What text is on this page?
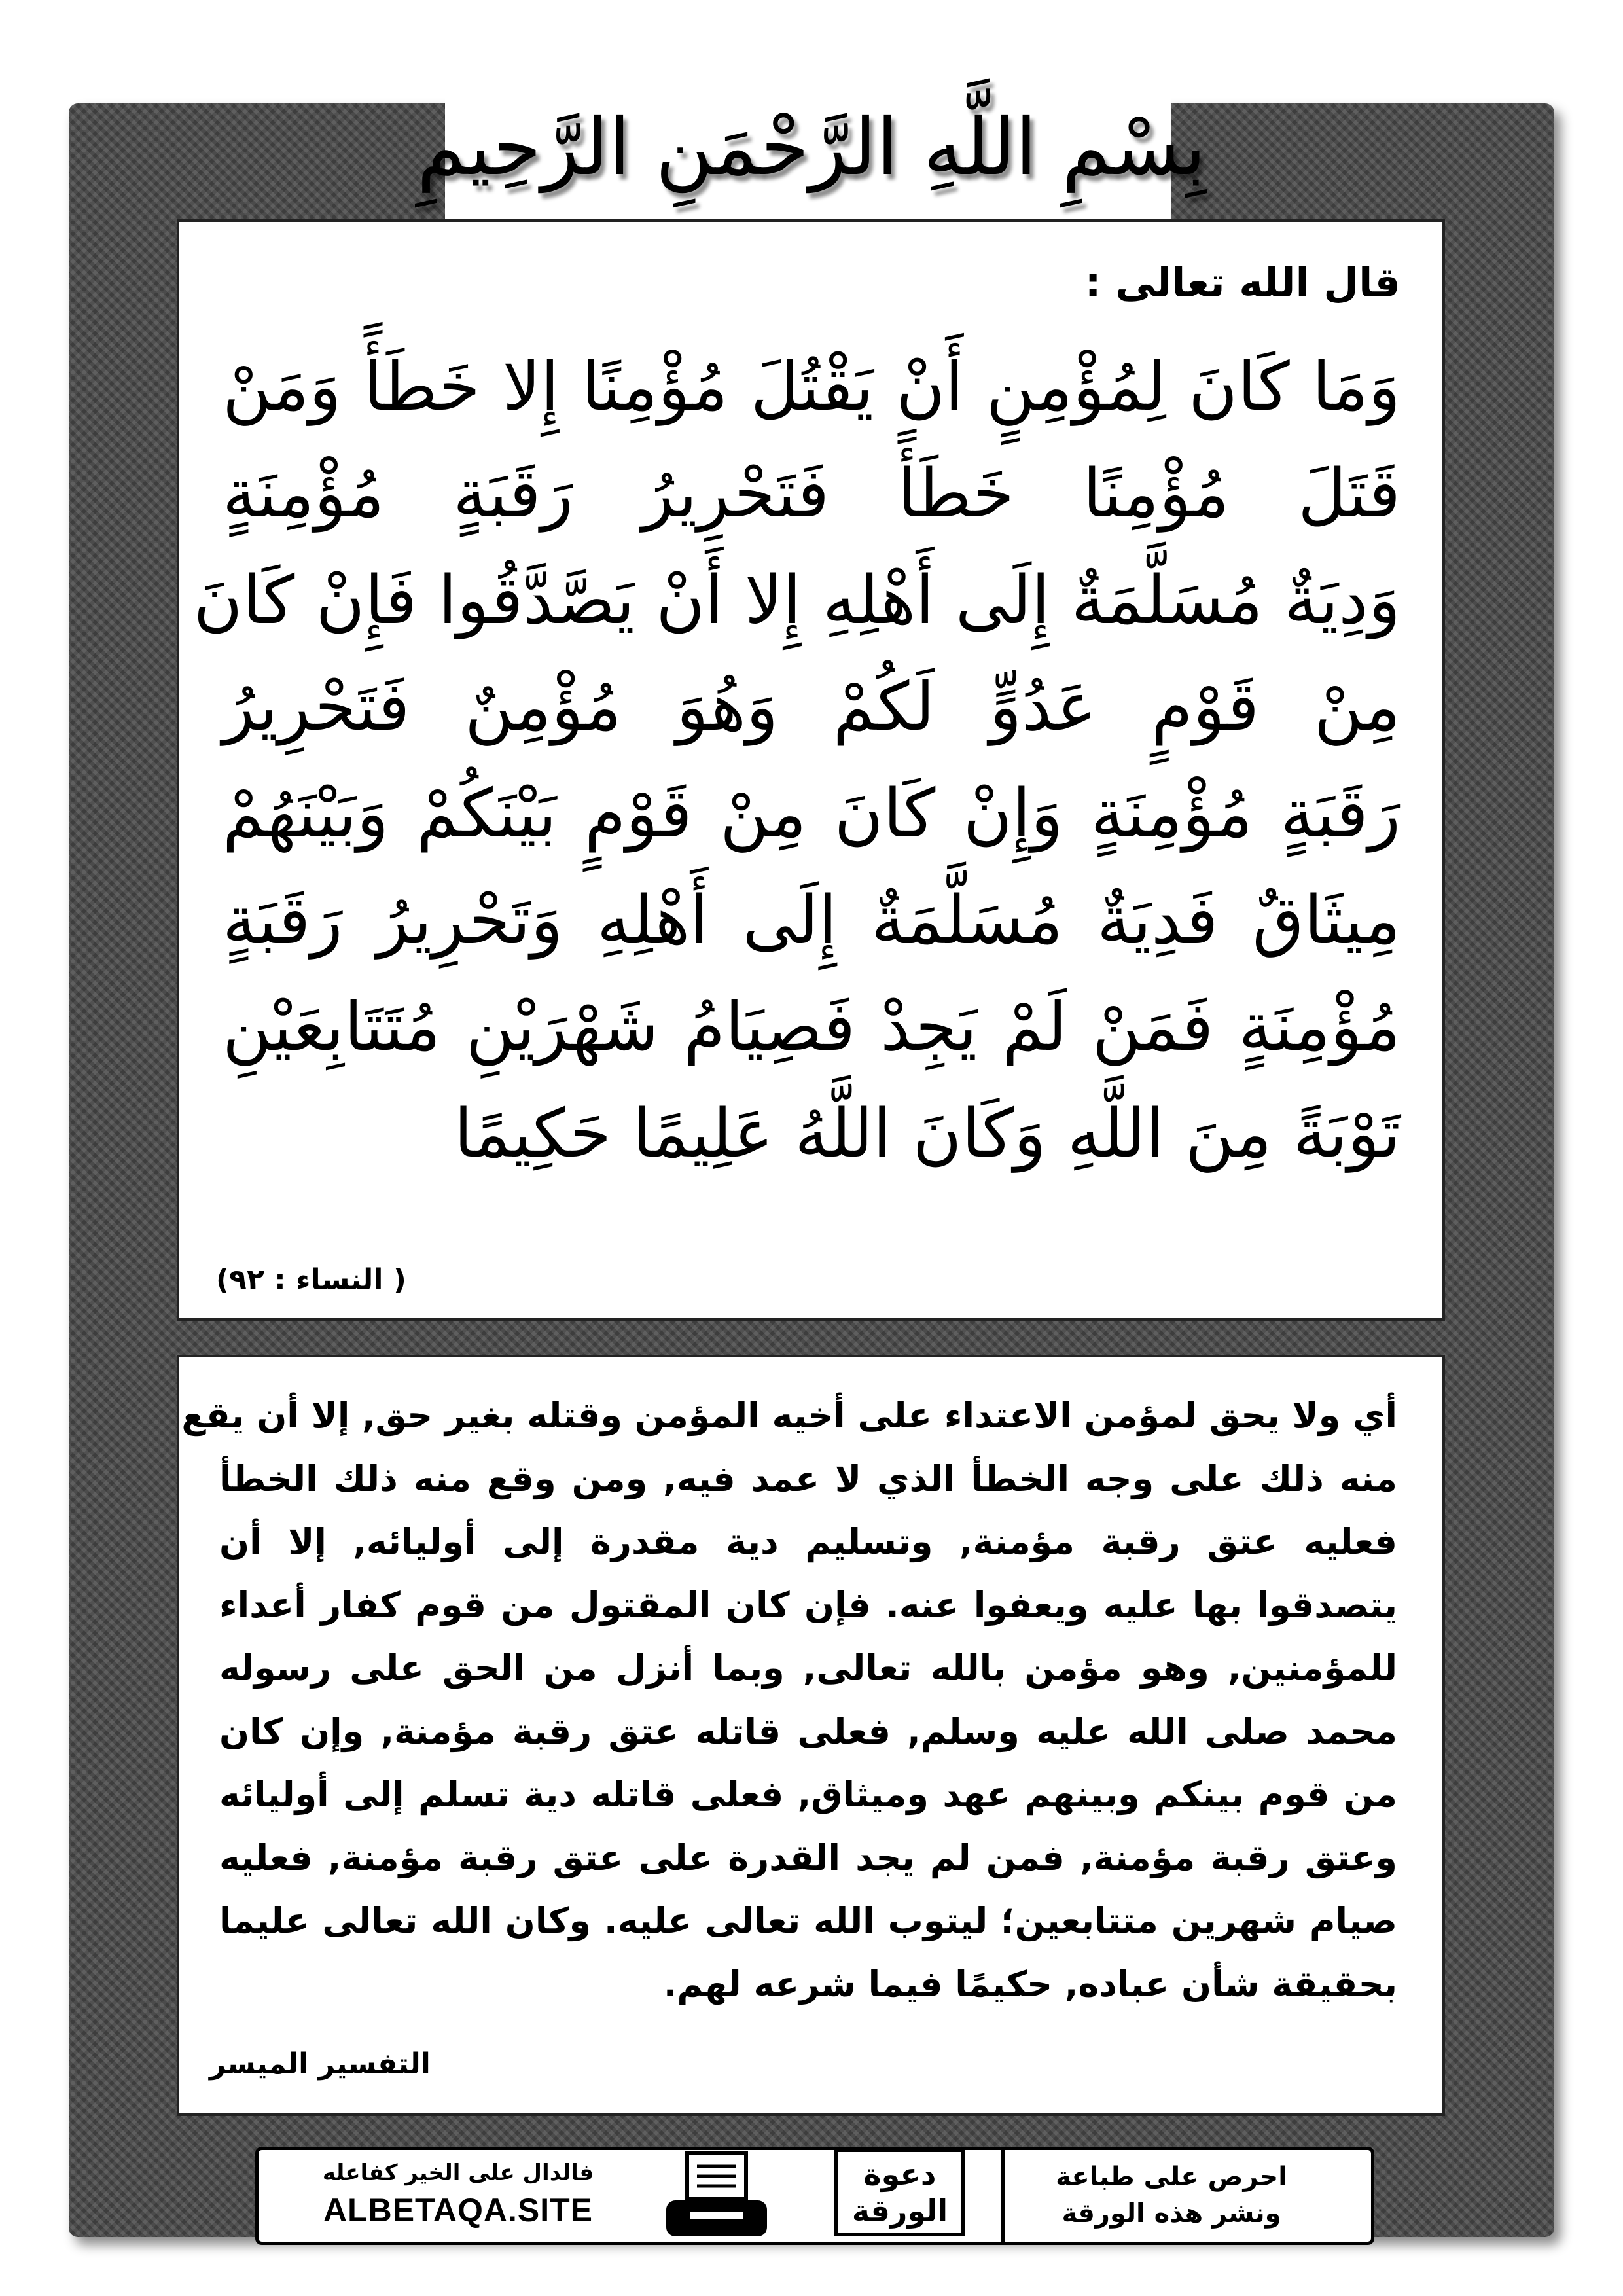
بِسْمِ اللَّهِ الرَّحْمَنِ الرَّحِيمِ
قال الله تعالى :
وَمَا كَانَ لِمُؤْمِنٍ أَنْ يَقْتُلَ مُؤْمِنًا إِلا خَطَأً وَمَنْ
قَتَلَ مُؤْمِنًا خَطَأً فَتَحْرِيرُ رَقَبَةٍ مُؤْمِنَةٍ
وَدِيَةٌ مُسَلَّمَةٌ إِلَى أَهْلِهِ إِلا أَنْ يَصَّدَّقُوا فَإِنْ كَانَ
مِنْ قَوْمٍ عَدُوٍّ لَكُمْ وَهُوَ مُؤْمِنٌ فَتَحْرِيرُ
رَقَبَةٍ مُؤْمِنَةٍ وَإِنْ كَانَ مِنْ قَوْمٍ بَيْنَكُمْ وَبَيْنَهُمْ
مِيثَاقٌ فَدِيَةٌ مُسَلَّمَةٌ إِلَى أَهْلِهِ وَتَحْرِيرُ رَقَبَةٍ
مُؤْمِنَةٍ فَمَنْ لَمْ يَجِدْ فَصِيَامُ شَهْرَيْنِ مُتَتَابِعَيْنِ
تَوْبَةً مِنَ اللَّهِ وَكَانَ اللَّهُ عَلِيمًا حَكِيمًا
( النساء : ٩٢)
أي ولا يحق لمؤمن الاعتداء على أخيه المؤمن وقتله بغير حق, إلا أن يقع
منه ذلك على وجه الخطأ الذي لا عمد فيه, ومن وقع منه ذلك الخطأ
فعليه عتق رقبة مؤمنة, وتسليم دية مقدرة إلى أوليائه, إلا أن
يتصدقوا بها عليه ويعفوا عنه. فإن كان المقتول من قوم كفار أعداء
للمؤمنين, وهو مؤمن بالله تعالى, وبما أنزل من الحق على رسوله
محمد صلى الله عليه وسلم, فعلى قاتله عتق رقبة مؤمنة, وإن كان
من قوم بينكم وبينهم عهد وميثاق, فعلى قاتله دية تسلم إلى أوليائه
وعتق رقبة مؤمنة, فمن لم يجد القدرة على عتق رقبة مؤمنة, فعليه
صيام شهرين متتابعين؛ ليتوب الله تعالى عليه. وكان الله تعالى عليما
بحقيقة شأن عباده, حكيمًا فيما شرعه لهم.
التفسير الميسر
فالدال على الخير كفاعله
ALBETAQA.SITE
دعوة
الورقة
احرص على طباعة
ونشر هذه الورقة
